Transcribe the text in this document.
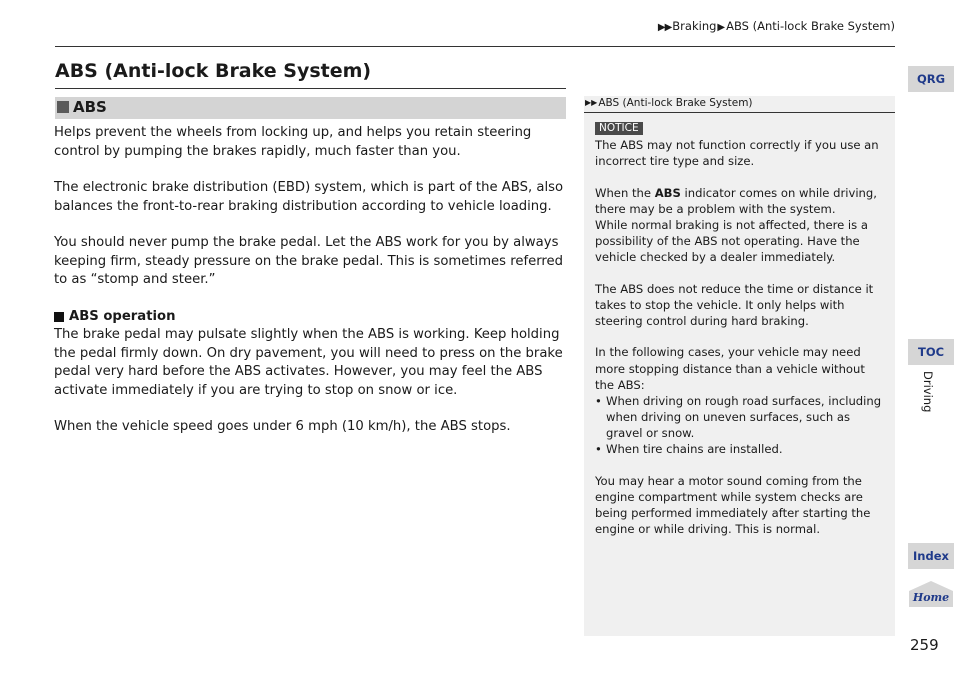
▶▶Braking▶ABS (Anti-lock Brake System)
ABS (Anti-lock Brake System)
ABS

Helps prevent the wheels from locking up, and helps you retain steering control by pumping the brakes rapidly, much faster than you.

The electronic brake distribution (EBD) system, which is part of the ABS, also balances the front-to-rear braking distribution according to vehicle loading.

You should never pump the brake pedal. Let the ABS work for you by always keeping firm, steady pressure on the brake pedal. This is sometimes referred to as “stomp and steer.”

ABS operation

The brake pedal may pulsate slightly when the ABS is working. Keep holding the pedal firmly down. On dry pavement, you will need to press on the brake pedal very hard before the ABS activates. However, you may feel the ABS activate immediately if you are trying to stop on snow or ice.

When the vehicle speed goes under 6 mph (10 km/h), the ABS stops.

▶▶ABS (Anti-lock Brake System)

NOTICE
The ABS may not function correctly if you use an incorrect tire type and size.

When the ABS indicator comes on while driving, there may be a problem with the system.
While normal braking is not affected, there is a possibility of the ABS not operating. Have the vehicle checked by a dealer immediately.

The ABS does not reduce the time or distance it takes to stop the vehicle. It only helps with steering control during hard braking.

In the following cases, your vehicle may need more stopping distance than a vehicle without the ABS:
• When driving on rough road surfaces, including when driving on uneven surfaces, such as gravel or snow.
• When tire chains are installed.

You may hear a motor sound coming from the engine compartment while system checks are being performed immediately after starting the engine or while driving. This is normal.

QRG
TOC
Driving
Index
Home
259
